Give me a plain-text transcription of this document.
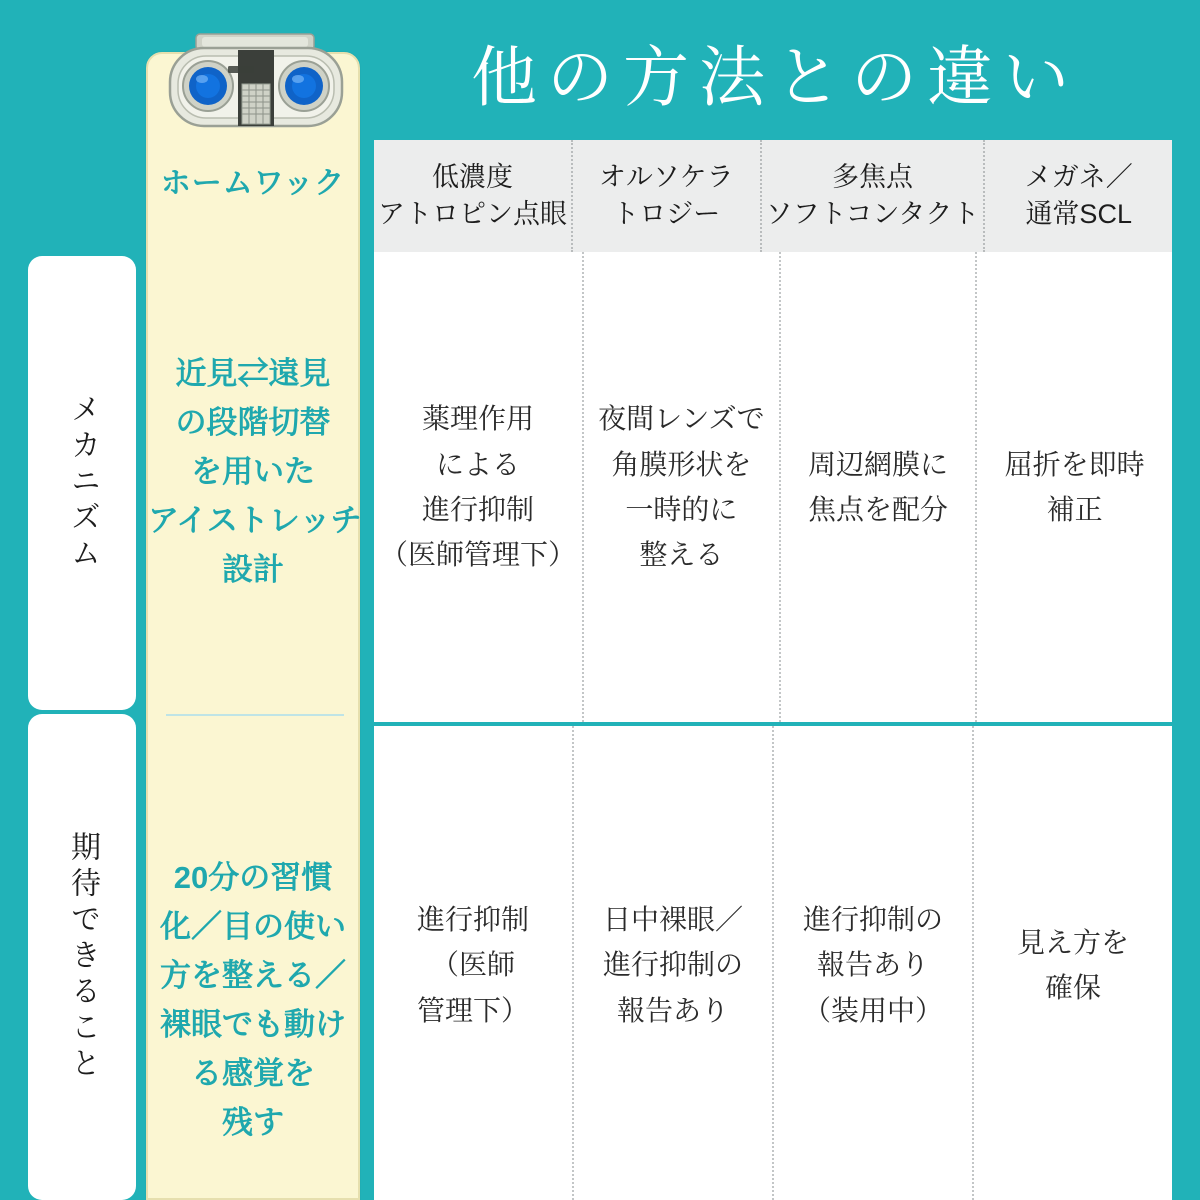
他の方法との違い
メカニズム
期待できること
低濃度
アトロピン点眼
オルソケラ
トロジー
多焦点
ソフトコンタクト
メガネ／
通常SCL
薬理作用
による
進行抑制
（医師管理下）
夜間レンズで
角膜形状を
一時的に
整える
周辺網膜に
焦点を配分
屈折を即時
補正
進行抑制
（医師
管理下）
日中裸眼／
進行抑制の
報告あり
進行抑制の
報告あり
（装用中）
見え方を
確保
ホームワック
近見⇄遠見
の段階切替
を用いた
アイストレッチ
設計
20分の習慣
化／目の使い
方を整える／
裸眼でも動け
る感覚を
残す
